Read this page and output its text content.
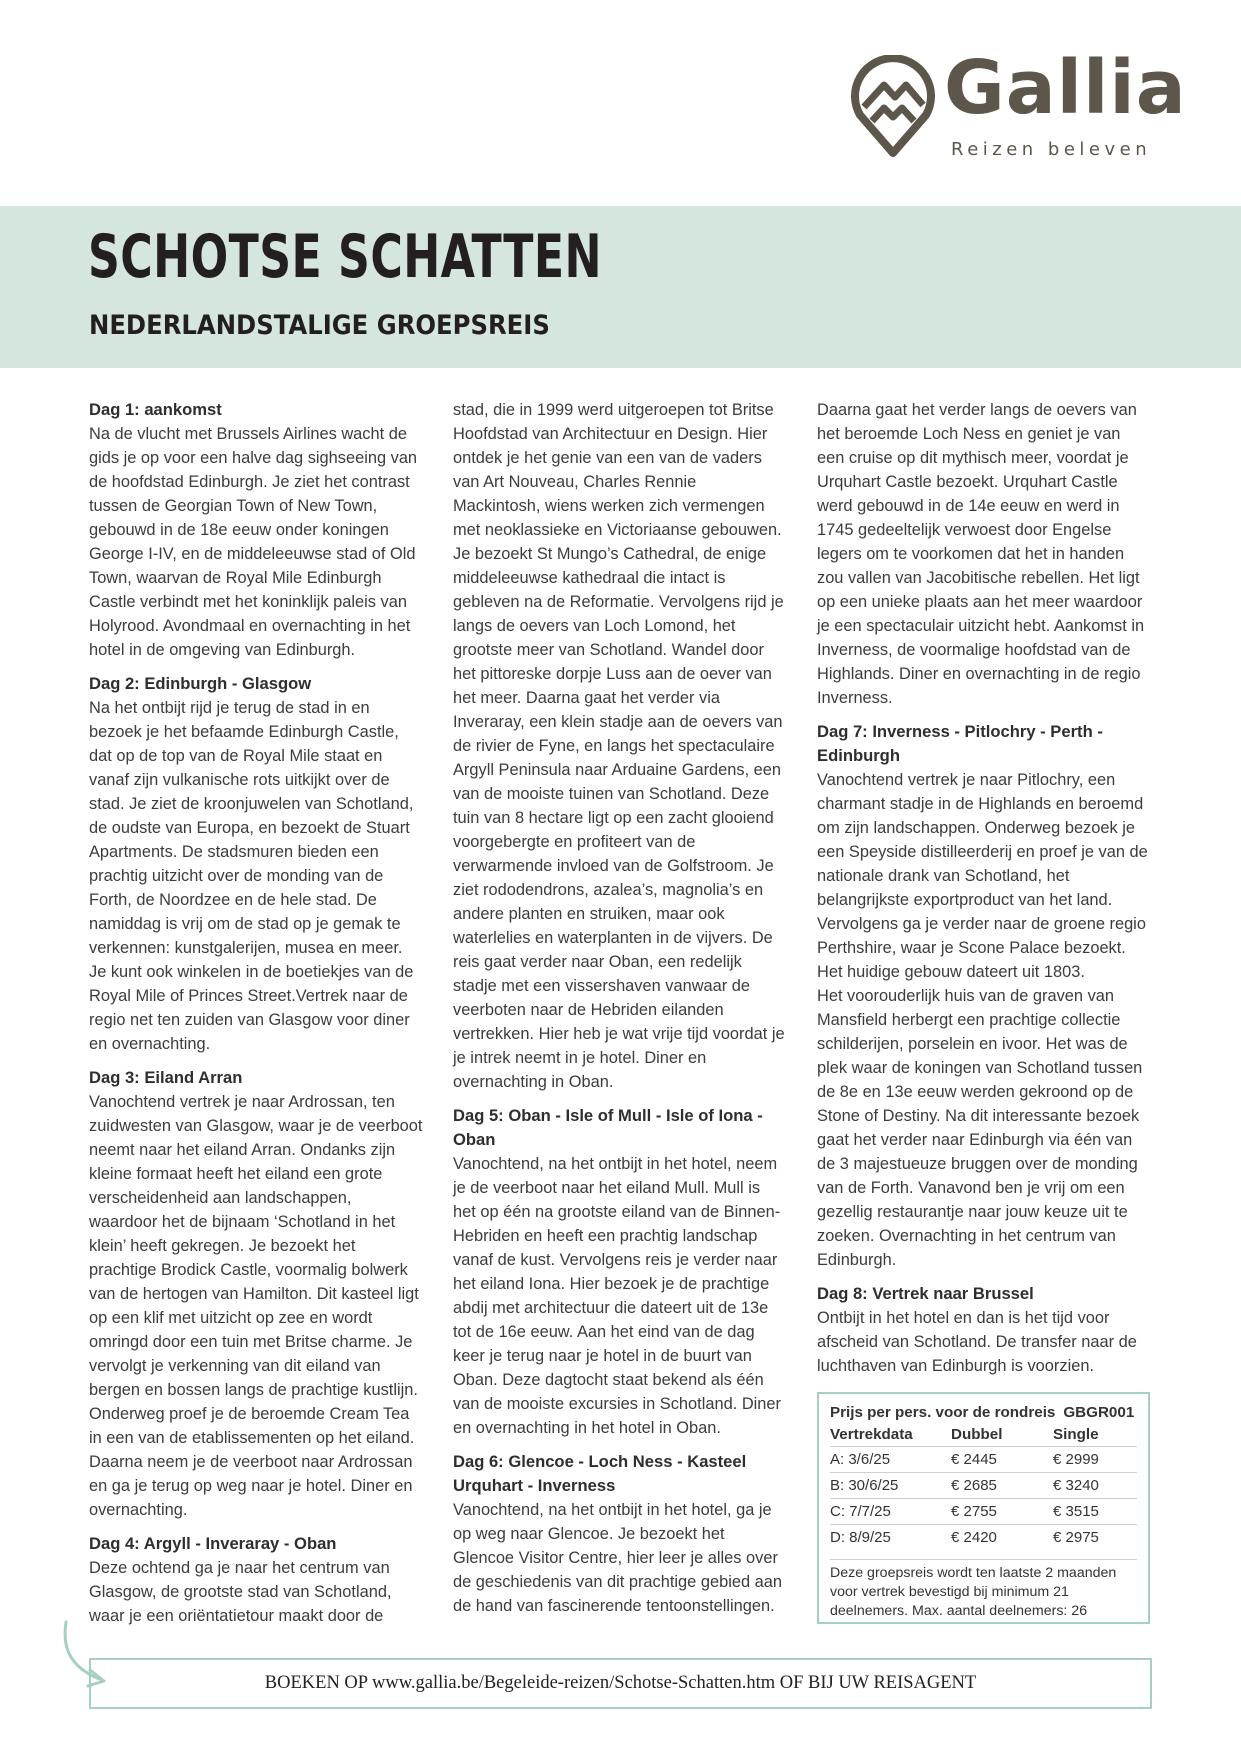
Gallia
Reizen beleven
SCHOTSE SCHATTEN
NEDERLANDSTALIGE GROEPSREIS
Dag 1: aankomst

Na de vlucht met Brussels Airlines wacht de gids je op voor een halve dag sighseeing van de hoofdstad Edinburgh. Je ziet het contrast tussen de Georgian Town of New Town, gebouwd in de 18e eeuw onder koningen George I-IV, en de middeleeuwse stad of Old Town, waarvan de Royal Mile Edinburgh Castle verbindt met het koninklijk paleis van Holyrood. Avondmaal en overnachting in het hotel in de omgeving van Edinburgh.

Dag 2: Edinburgh - Glasgow

Na het ontbijt rijd je terug de stad in en bezoek je het befaamde Edinburgh Castle, dat op de top van de Royal Mile staat en vanaf zijn vulkanische rots uitkijkt over de stad. Je ziet de kroonjuwelen van Schotland, de oudste van Europa, en bezoekt de Stuart Apartments. De stadsmuren bieden een prachtig uitzicht over de monding van de Forth, de Noordzee en de hele stad. De namiddag is vrij om de stad op je gemak te verkennen: kunstgalerijen, musea en meer. Je kunt ook winkelen in de boetiekjes van de Royal Mile of Princes Street.Vertrek naar de regio net ten zuiden van Glasgow voor diner en overnachting.

Dag 3: Eiland Arran

Vanochtend vertrek je naar Ardrossan, ten zuidwesten van Glasgow, waar je de veerboot neemt naar het eiland Arran. Ondanks zijn kleine formaat heeft het eiland een grote verscheidenheid aan landschappen, waardoor het de bijnaam ‘Schotland in het klein’ heeft gekregen. Je bezoekt het prachtige Brodick Castle, voormalig bolwerk van de hertogen van Hamilton. Dit kasteel ligt op een klif met uitzicht op zee en wordt omringd door een tuin met Britse charme. Je vervolgt je verkenning van dit eiland van bergen en bossen langs de prachtige kustlijn. Onderweg proef je de beroemde Cream Tea in een van de etablissementen op het eiland. Daarna neem je de veerboot naar Ardrossan en ga je terug op weg naar je hotel. Diner en overnachting.

Dag 4: Argyll - Inveraray - Oban

Deze ochtend ga je naar het centrum van Glasgow, de grootste stad van Schotland, waar je een oriëntatietour maakt door de

stad, die in 1999 werd uitgeroepen tot Britse Hoofdstad van Architectuur en Design. Hier ontdek je het genie van een van de vaders van Art Nouveau, Charles Rennie Mackintosh, wiens werken zich vermengen met neoklassieke en Victoriaanse gebouwen. Je bezoekt St Mungo’s Cathedral, de enige middeleeuwse kathedraal die intact is gebleven na de Reformatie. Vervolgens rijd je langs de oevers van Loch Lomond, het grootste meer van Schotland. Wandel door het pittoreske dorpje Luss aan de oever van het meer. Daarna gaat het verder via Inveraray, een klein stadje aan de oevers van de rivier de Fyne, en langs het spectaculaire Argyll Peninsula naar Arduaine Gardens, een van de mooiste tuinen van Schotland. Deze tuin van 8 hectare ligt op een zacht glooiend voorgebergte en profiteert van de verwarmende invloed van de Golfstroom. Je ziet rododendrons, azalea’s, magnolia’s en andere planten en struiken, maar ook waterlelies en waterplanten in de vijvers. De reis gaat verder naar Oban, een redelijk stadje met een vissershaven vanwaar de veerboten naar de Hebriden eilanden vertrekken. Hier heb je wat vrije tijd voordat je je intrek neemt in je hotel. Diner en overnachting in Oban.

Dag 5: Oban - Isle of Mull - Isle of Iona - Oban

Vanochtend, na het ontbijt in het hotel, neem je de veerboot naar het eiland Mull. Mull is het op één na grootste eiland van de Binnen-Hebriden en heeft een prachtig landschap vanaf de kust. Vervolgens reis je verder naar het eiland Iona. Hier bezoek je de prachtige abdij met architectuur die dateert uit de 13e tot de 16e eeuw. Aan het eind van de dag keer je terug naar je hotel in de buurt van Oban. Deze dagtocht staat bekend als één van de mooiste excursies in Schotland. Diner en overnachting in het hotel in Oban.

Dag 6: Glencoe - Loch Ness - Kasteel Urquhart - Inverness

Vanochtend, na het ontbijt in het hotel, ga je op weg naar Glencoe. Je bezoekt het Glencoe Visitor Centre, hier leer je alles over de geschiedenis van dit prachtige gebied aan de hand van fascinerende tentoonstellingen.

Daarna gaat het verder langs de oevers van het beroemde Loch Ness en geniet je van een cruise op dit mythisch meer, voordat je Urquhart Castle bezoekt. Urquhart Castle werd gebouwd in de 14e eeuw en werd in 1745 gedeeltelijk verwoest door Engelse legers om te voorkomen dat het in handen zou vallen van Jacobitische rebellen. Het ligt op een unieke plaats aan het meer waardoor je een spectaculair uitzicht hebt. Aankomst in Inverness, de voormalige hoofdstad van de Highlands. Diner en overnachting in de regio Inverness.

Dag 7: Inverness - Pitlochry - Perth - Edinburgh

Vanochtend vertrek je naar Pitlochry, een charmant stadje in de Highlands en beroemd om zijn landschappen. Onderweg bezoek je een Speyside distilleerderij en proef je van de nationale drank van Schotland, het belangrijkste exportproduct van het land. Vervolgens ga je verder naar de groene regio Perthshire, waar je Scone Palace bezoekt. Het huidige gebouw dateert uit 1803.

Het voorouderlijk huis van de graven van Mansfield herbergt een prachtige collectie schilderijen, porselein en ivoor. Het was de plek waar de koningen van Schotland tussen de 8e en 13e eeuw werden gekroond op de Stone of Destiny. Na dit interessante bezoek gaat het verder naar Edinburgh via één van de 3 majestueuze bruggen over de monding van de Forth. Vanavond ben je vrij om een gezellig restaurantje naar jouw keuze uit te zoeken. Overnachting in het centrum van Edinburgh.

Dag 8: Vertrek naar Brussel

Ontbijt in het hotel en dan is het tijd voor afscheid van Schotland. De transfer naar de luchthaven van Edinburgh is voorzien.

Prijs per pers. voor de rondreis GBGR001
Vertrekdata	Dubbel	Single
A: 3/6/25	€ 2445	€ 2999
B: 30/6/25	€ 2685	€ 3240
C: 7/7/25	€ 2755	€ 3515
D: 8/9/25	€ 2420	€ 2975
Deze groepsreis wordt ten laatste 2 maanden voor vertrek bevestigd bij minimum 21 deelnemers. Max. aantal deelnemers: 26
BOEKEN OP www.gallia.be/Begeleide-reizen/Schotse-Schatten.htm OF BIJ UW REISAGENT
